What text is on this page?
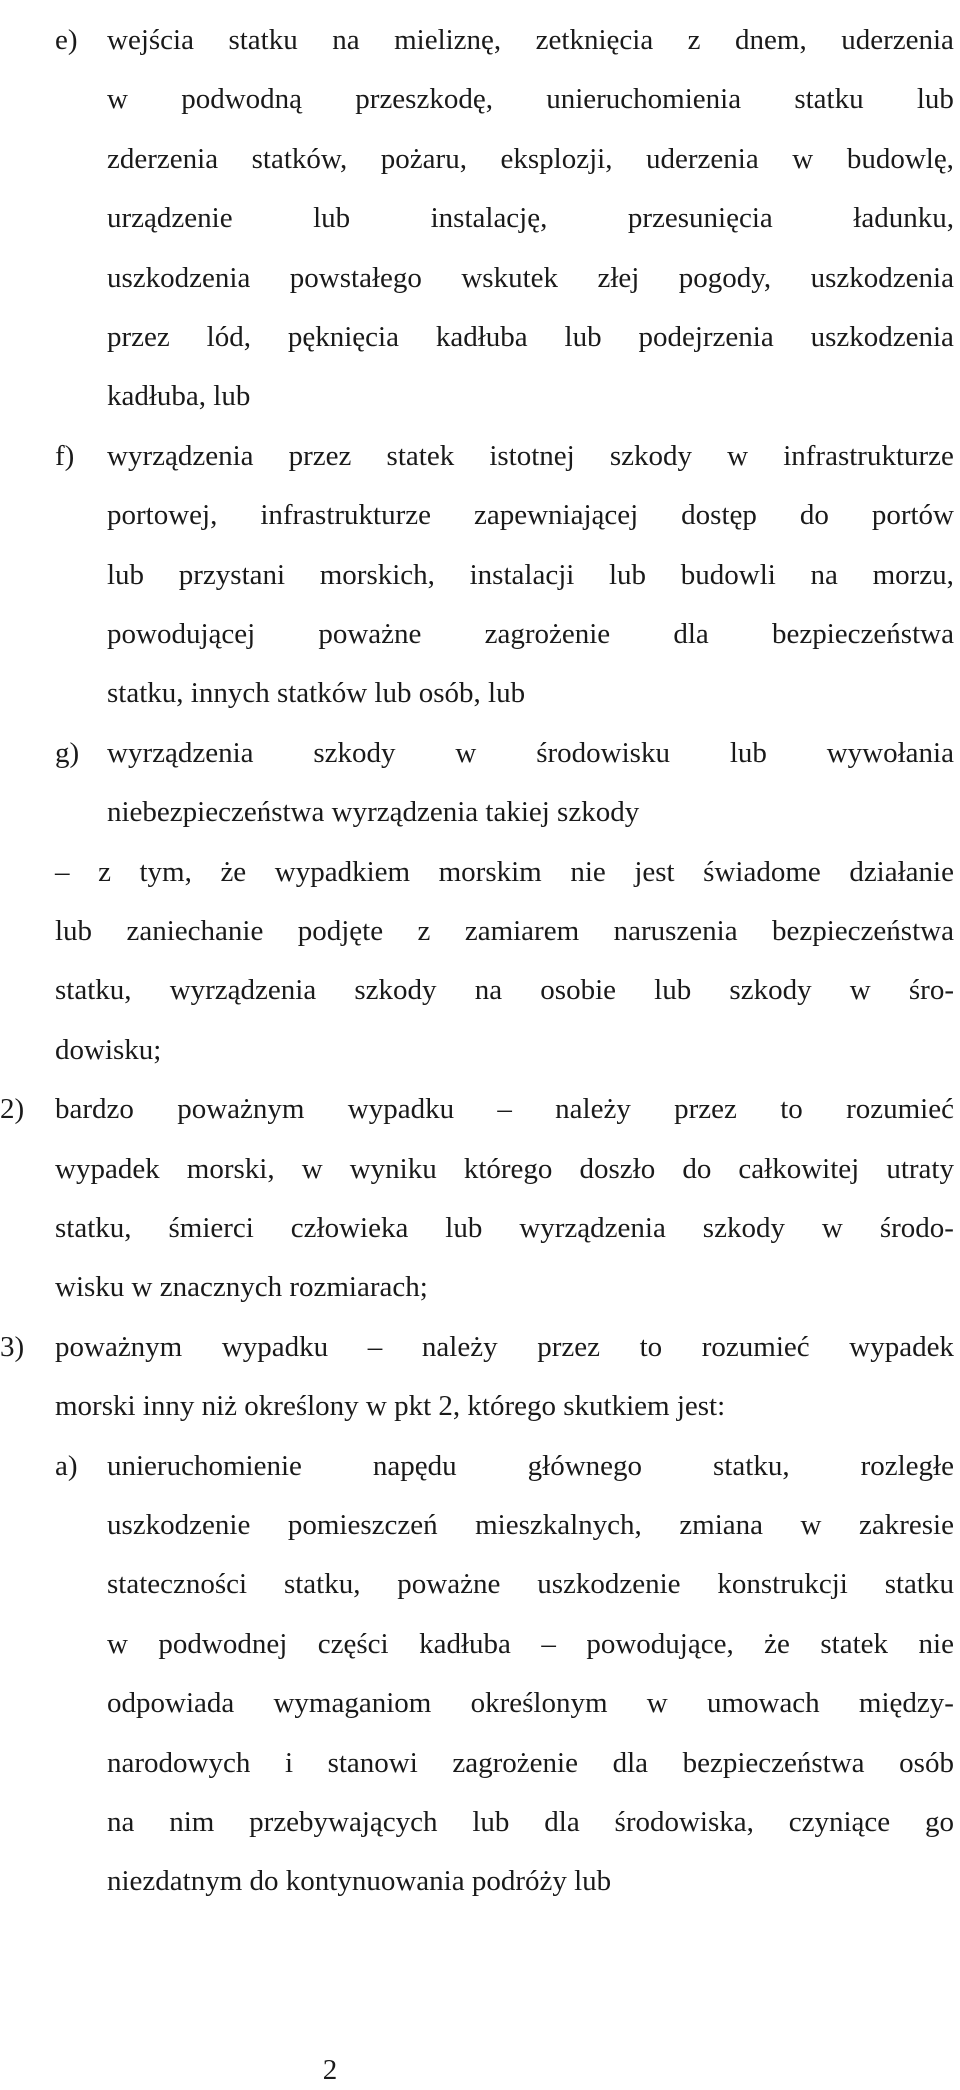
e) wejścia statku na mieliznę, zetknięcia z dnem, uderzenia
w podwodną przeszkodę, unieruchomienia statku lub
zderzenia statków, pożaru, eksplozji, uderzenia w budowlę,
urządzenie	lub	instalację,	przesunięcia	ładunku,
uszkodzenia powstałego wskutek złej pogody, uszkodzenia
przez lód, pęknięcia kadłuba lub podejrzenia uszkodzenia
kadłuba, lub
f) wyrządzenia przez statek istotnej szkody w infrastrukturze
portowej, infrastrukturze zapewniającej dostęp do portów
lub przystani morskich, instalacji lub budowli na morzu,
powodującej poważne zagrożenie dla bezpieczeństwa
statku, innych statków lub osób, lub
g) wyrządzenia szkody w środowisku lub wywołania
niebezpieczeństwa wyrządzenia takiej szkody
– z tym, że wypadkiem morskim nie jest świadome działanie
lub zaniechanie podjęte z zamiarem naruszenia bezpieczeństwa
statku, wyrządzenia szkody na osobie lub szkody w śro-
dowisku;
2) bardzo poważnym wypadku – należy przez to rozumieć
wypadek morski, w wyniku którego doszło do całkowitej utraty
statku, śmierci człowieka lub wyrządzenia szkody w środo-
wisku w znacznych rozmiarach;
3) poważnym wypadku – należy przez to rozumieć wypadek
morski inny niż określony w pkt 2, którego skutkiem jest:
a) unieruchomienie napędu głównego statku, rozległe
uszkodzenie pomieszczeń mieszkalnych, zmiana w zakresie
stateczności statku, poważne uszkodzenie konstrukcji statku
w podwodnej części kadłuba – powodujące, że statek nie
odpowiada wymaganiom określonym w umowach między-
narodowych i stanowi zagrożenie dla bezpieczeństwa osób
na nim przebywających lub dla środowiska, czyniące go
niezdatnym do kontynuowania podróży lub
2
